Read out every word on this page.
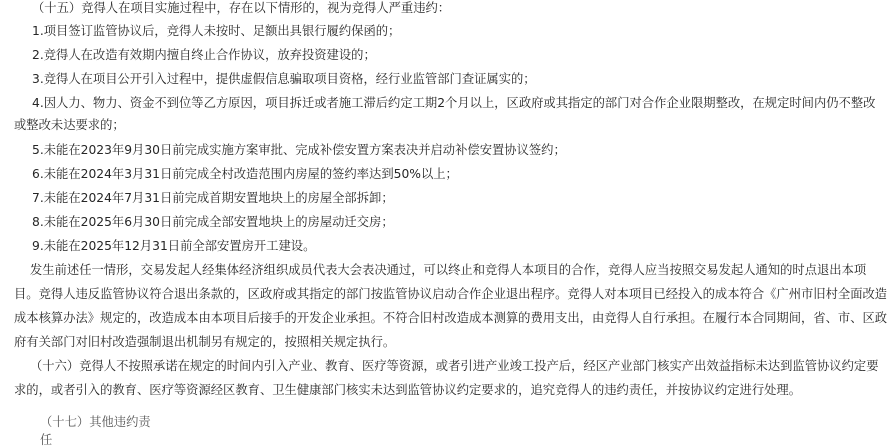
（十五）竞得人在项目实施过程中，存在以下情形的，视为竞得人严重违约：

1.项目签订监管协议后，竞得人未按时、足额出具银行履约保函的；

2.竞得人在改造有效期内擅自终止合作协议，放弃投资建设的；

3.竞得人在项目公开引入过程中，提供虚假信息骗取项目资格，经行业监管部门查证属实的；

4.因人力、物力、资金不到位等乙方原因，项目拆迁或者施工滞后约定工期2个月以上，区政府或其指定的部门对合作企业限期整改，在规定时间内仍不整改

或整改未达要求的；

5.未能在2023年9月30日前完成实施方案审批、完成补偿安置方案表决并启动补偿安置协议签约；

6.未能在2024年3月31日前完成全村改造范围内房屋的签约率达到50%以上；

7.未能在2024年7月31日前完成首期安置地块上的房屋全部拆卸；

8.未能在2025年6月30日前完成全部安置地块上的房屋动迁交房；

9.未能在2025年12月31日前全部安置房开工建设。

发生前述任一情形，交易发起人经集体经济组织成员代表大会表决通过，可以终止和竞得人本项目的合作，竞得人应当按照交易发起人通知的时点退出本项

目。竞得人违反监管协议符合退出条款的，区政府或其指定的部门按监管协议启动合作企业退出程序。竞得人对本项目已经投入的成本符合《广州市旧村全面改造

成本核算办法》规定的，改造成本由本项目后接手的开发企业承担。不符合旧村改造成本测算的费用支出，由竞得人自行承担。在履行本合同期间，省、市、区政

府有关部门对旧村改造强制退出机制另有规定的，按照相关规定执行。

（十六）竞得人不按照承诺在规定的时间内引入产业、教育、医疗等资源，或者引进产业竣工投产后，经区产业部门核实产出效益指标未达到监管协议约定要

求的，或者引入的教育、医疗等资源经区教育、卫生健康部门核实未达到监管协议约定要求的，追究竞得人的违约责任，并按协议约定进行处理。

（十七）其他违约责任
